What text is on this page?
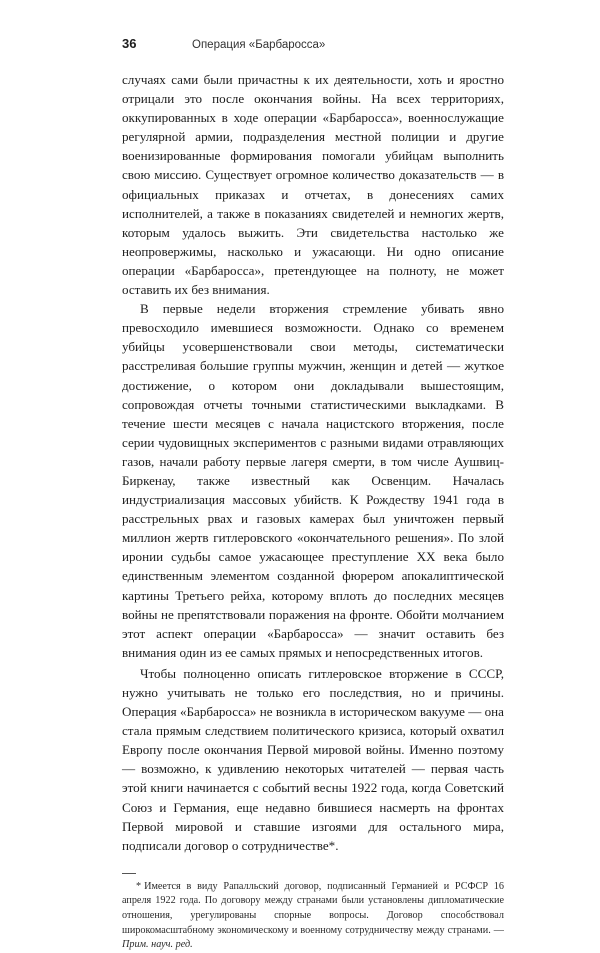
36	Операция «Барбаросса»

случаях сами были причастны к их деятельности, хоть и яростно отрицали это после окончания войны. На всех территориях, оккупированных в ходе операции «Барбаросса», военнослужащие регулярной армии, подразделения местной полиции и другие военизированные формирования помогали убийцам выполнить свою миссию. Существует огромное количество доказательств — в официальных приказах и отчетах, в донесениях самих исполнителей, а также в показаниях свидетелей и немногих жертв, которым удалось выжить. Эти свидетельства настолько же неопровержимы, насколько и ужасающи. Ни одно описание операции «Барбаросса», претендующее на полноту, не может оставить их без внимания.

В первые недели вторжения стремление убивать явно превосходило имевшиеся возможности. Однако со временем убийцы усовершенствовали свои методы, систематически расстреливая большие группы мужчин, женщин и детей — жуткое достижение, о котором они докладывали вышестоящим, сопровождая отчеты точными статистическими выкладками. В течение шести месяцев с начала нацистского вторжения, после серии чудовищных экспериментов с разными видами отравляющих газов, начали работу первые лагеря смерти, в том числе Аушвиц-Биркенау, также известный как Освенцим. Началась индустриализация массовых убийств. К Рождеству 1941 года в расстрельных рвах и газовых камерах был уничтожен первый миллион жертв гитлеровского «окончательного решения». По злой иронии судьбы самое ужасающее преступление XX века было единственным элементом созданной фюрером апокалиптической картины Третьего рейха, которому вплоть до последних месяцев войны не препятствовали поражения на фронте. Обойти молчанием этот аспект операции «Барбаросса» — значит оставить без внимания один из ее самых прямых и непосредственных итогов.

Чтобы полноценно описать гитлеровское вторжение в СССР, нужно учитывать не только его последствия, но и причины. Операция «Барбаросса» не возникла в историческом вакууме — она стала прямым следствием политического кризиса, который охватил Европу после окончания Первой мировой войны. Именно поэтому — возможно, к удивлению некоторых читателей — первая часть этой книги начинается с событий весны 1922 года, когда Советский Союз и Германия, еще недавно бившиеся насмерть на фронтах Первой мировой и ставшие изгоями для остального мира, подписали договор о сотрудничестве*.

* Имеется в виду Рапалльский договор, подписанный Германией и РСФСР 16 апреля 1922 года. По договору между странами были установлены дипломатические отношения, урегулированы спорные вопросы. Договор способствовал широкомасштабному экономическому и военному сотрудничеству между странами. — Прим. науч. ред.
